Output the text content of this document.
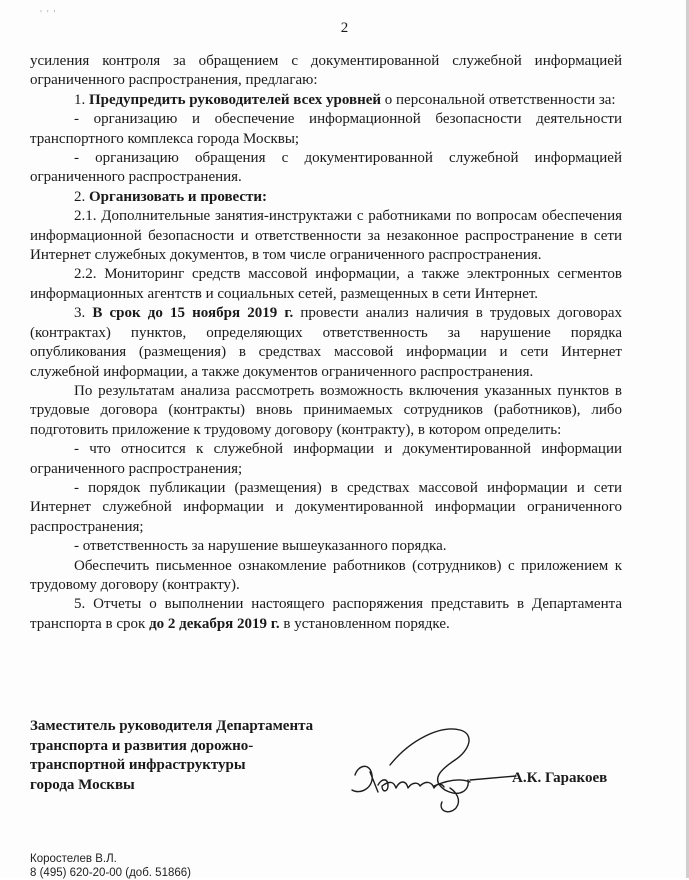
' ' '
2

усиления контроля за обращением с документированной служебной информацией ограниченного распространения, предлагаю:

1. Предупредить руководителей всех уровней о персональной ответственности за:

- организацию и обеспечение информационной безопасности деятельности транспортного комплекса города Москвы;

- организацию обращения с документированной служебной информацией ограниченного распространения.

2. Организовать и провести:

2.1. Дополнительные занятия-инструктажи с работниками по вопросам обеспечения информационной безопасности и ответственности за незаконное распространение в сети Интернет служебных документов, в том числе ограниченного распространения.

2.2. Мониторинг средств массовой информации, а также электронных сегментов информационных агентств и социальных сетей, размещенных в сети Интернет.

3. В срок до 15 ноября 2019 г. провести анализ наличия в трудовых договорах (контрактах) пунктов, определяющих ответственность за нарушение порядка опубликования (размещения) в средствах массовой информации и сети Интернет служебной информации, а также документов ограниченного распространения.

По результатам анализа рассмотреть возможность включения указанных пунктов в трудовые договора (контракты) вновь принимаемых сотрудников (работников), либо подготовить приложение к трудовому договору (контракту), в котором определить:

- что относится к служебной информации и документированной информации ограниченного распространения;

- порядок публикации (размещения) в средствах массовой информации и сети Интернет служебной информации и документированной информации ограниченного распространения;

- ответственность за нарушение вышеуказанного порядка.

Обеспечить письменное ознакомление работников (сотрудников) с приложением к трудовому договору (контракту).

5. Отчеты о выполнении настоящего распоряжения представить в Департамента транспорта в срок до 2 декабря 2019 г. в установленном порядке.

Заместитель руководителя Департамента
транспорта и развития дорожно-
транспортной инфраструктуры
города Москвы	А.К. Гаракоев
Коростелев В.Л.
8 (495) 620-20-00 (доб. 51866)
